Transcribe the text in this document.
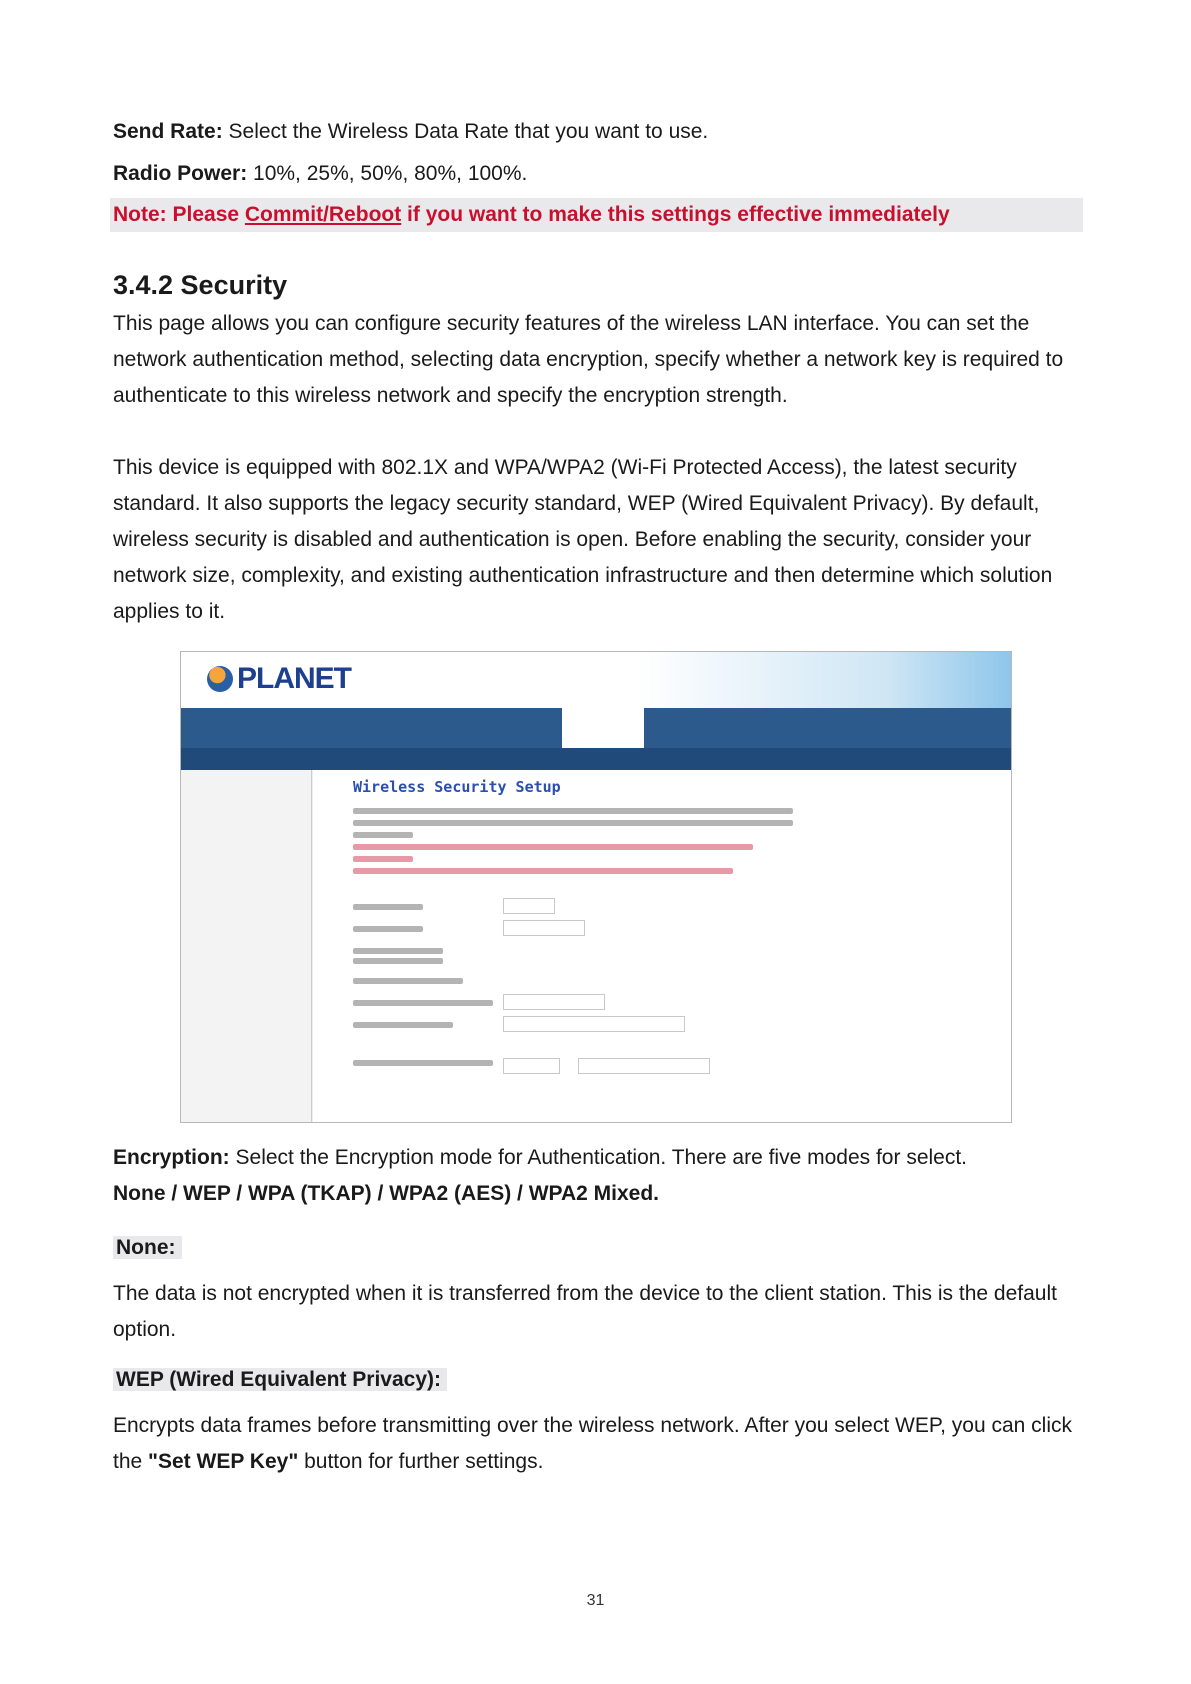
Send Rate: Select the Wireless Data Rate that you want to use.
Radio Power: 10%, 25%, 50%, 80%, 100%.
Note: Please Commit/Reboot if you want to make this settings effective immediately
3.4.2 Security
This page allows you can configure security features of the wireless LAN interface. You can set the network authentication method, selecting data encryption, specify whether a network key is required to authenticate to this wireless network and specify the encryption strength.
This device is equipped with 802.1X and WPA/WPA2 (Wi-Fi Protected Access), the latest security standard. It also supports the legacy security standard, WEP (Wired Equivalent Privacy). By default, wireless security is disabled and authentication is open. Before enabling the security, consider your network size, complexity, and existing authentication infrastructure and then determine which solution applies to it.
PLANET
Wireless Security Setup
Encryption: Select the Encryption mode for Authentication. There are five modes for select.
None / WEP / WPA (TKAP) / WPA2 (AES) / WPA2 Mixed.
None:
The data is not encrypted when it is transferred from the device to the client station. This is the default option.
WEP (Wired Equivalent Privacy):
Encrypts data frames before transmitting over the wireless network. After you select WEP, you can click the "Set WEP Key" button for further settings.
31
